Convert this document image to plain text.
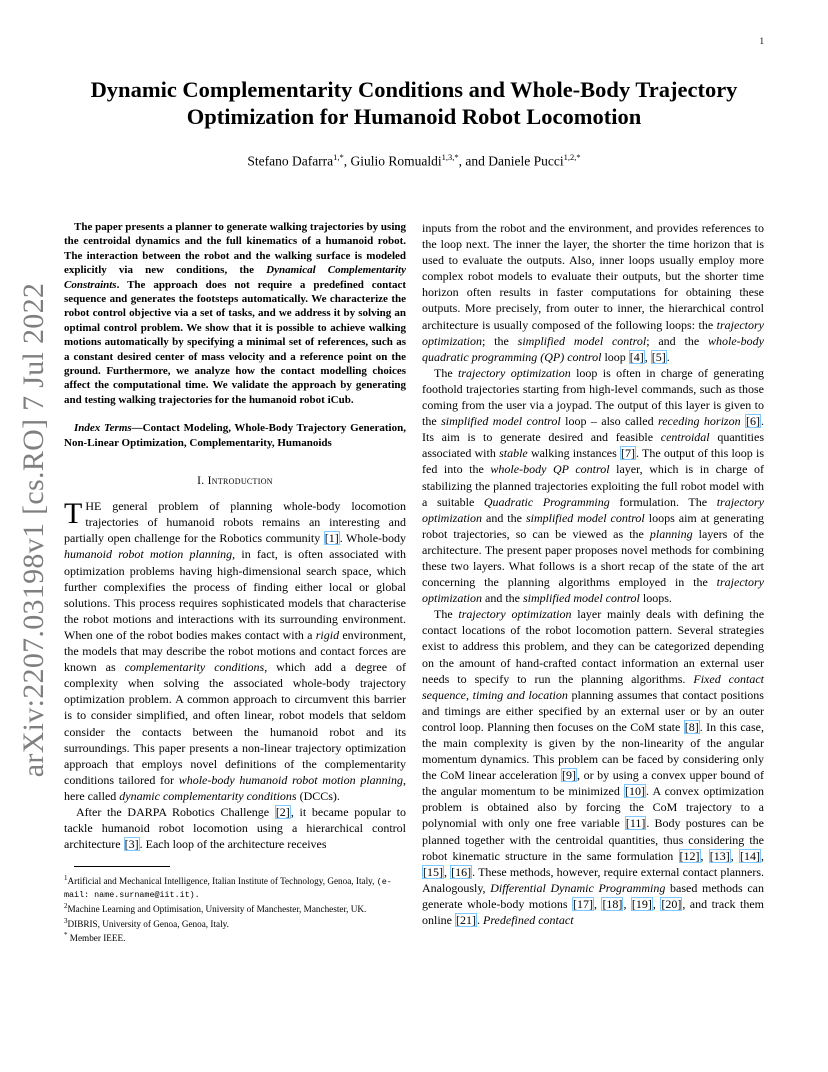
1
arXiv:2207.03198v1 [cs.RO] 7 Jul 2022
Dynamic Complementarity Conditions and Whole-Body Trajectory Optimization for Humanoid Robot Locomotion
Stefano Dafarra$^{1,*}$, Giulio Romualdi$^{1,3,*}$, and Daniele Pucci$^{1,2,*}$

The paper presents a planner to generate walking trajectories by using the centroidal dynamics and the full kinematics of a humanoid robot. The interaction between the robot and the walking surface is modeled explicitly via new conditions, the Dynamical Complementarity Constraints. The approach does not require a predefined contact sequence and generates the footsteps automatically. We characterize the robot control objective via a set of tasks, and we address it by solving an optimal control problem. We show that it is possible to achieve walking motions automatically by specifying a minimal set of references, such as a constant desired center of mass velocity and a reference point on the ground. Furthermore, we analyze how the contact modelling choices affect the computational time. We validate the approach by generating and testing walking trajectories for the humanoid robot iCub.

Index Terms—Contact Modeling, Whole-Body Trajectory Generation, Non-Linear Optimization, Complementarity, Humanoids

I. Introduction

THE general problem of planning whole-body locomotion trajectories of humanoid robots remains an interesting and partially open challenge for the Robotics community [1]. Whole-body humanoid robot motion planning, in fact, is often associated with optimization problems having high-dimensional search space, which further complexifies the process of finding either local or global solutions. This process requires sophisticated models that characterise the robot motions and interactions with its surrounding environment. When one of the robot bodies makes contact with a rigid environment, the models that may describe the robot motions and contact forces are known as complementarity conditions, which add a degree of complexity when solving the associated whole-body trajectory optimization problem. A common approach to circumvent this barrier is to consider simplified, and often linear, robot models that seldom consider the contacts between the humanoid robot and its surroundings. This paper presents a non-linear trajectory optimization approach that employs novel definitions of the complementarity conditions tailored for whole-body humanoid robot motion planning, here called dynamic complementarity conditions (DCCs).

After the DARPA Robotics Challenge [2], it became popular to tackle humanoid robot locomotion using a hierarchical control architecture [3]. Each loop of the architecture receives

$^1$Artificial and Mechanical Intelligence, Italian Institute of Technology, Genoa, Italy, (e-mail: name.surname@iit.it).
$^2$Machine Learning and Optimisation, University of Manchester, Manchester, UK.
$^3$DIBRIS, University of Genoa, Genoa, Italy.
* Member IEEE.

inputs from the robot and the environment, and provides references to the loop next. The inner the layer, the shorter the time horizon that is used to evaluate the outputs. Also, inner loops usually employ more complex robot models to evaluate their outputs, but the shorter time horizon often results in faster computations for obtaining these outputs. More precisely, from outer to inner, the hierarchical control architecture is usually composed of the following loops: the trajectory optimization; the simplified model control; and the whole-body quadratic programming (QP) control loop [4], [5].

The trajectory optimization loop is often in charge of generating foothold trajectories starting from high-level commands, such as those coming from the user via a joypad. The output of this layer is given to the simplified model control loop – also called receding horizon [6]. Its aim is to generate desired and feasible centroidal quantities associated with stable walking instances [7]. The output of this loop is fed into the whole-body QP control layer, which is in charge of stabilizing the planned trajectories exploiting the full robot model with a suitable Quadratic Programming formulation. The trajectory optimization and the simplified model control loops aim at generating robot trajectories, so can be viewed as the planning layers of the architecture. The present paper proposes novel methods for combining these two layers. What follows is a short recap of the state of the art concerning the planning algorithms employed in the trajectory optimization and the simplified model control loops.

The trajectory optimization layer mainly deals with defining the contact locations of the robot locomotion pattern. Several strategies exist to address this problem, and they can be categorized depending on the amount of hand-crafted contact information an external user needs to specify to run the planning algorithms. Fixed contact sequence, timing and location planning assumes that contact positions and timings are either specified by an external user or by an outer control loop. Planning then focuses on the CoM state [8]. In this case, the main complexity is given by the non-linearity of the angular momentum dynamics. This problem can be faced by considering only the CoM linear acceleration [9], or by using a convex upper bound of the angular momentum to be minimized [10]. A convex optimization problem is obtained also by forcing the CoM trajectory to a polynomial with only one free variable [11]. Body postures can be planned together with the centroidal quantities, thus considering the robot kinematic structure in the same formulation [12], [13], [14], [15], [16]. These methods, however, require external contact planners. Analogously, Differential Dynamic Programming based methods can generate whole-body motions [17], [18], [19], [20], and track them online [21]. Predefined contact
